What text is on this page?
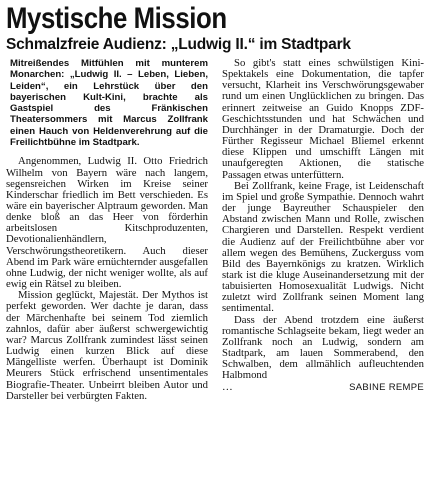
Mystische Mission
Schmalzfreie Audienz: „Ludwig II.“ im Stadtpark

Mitreißendes Mitfühlen mit munterem Monarchen: „Ludwig II. – Leben, Lieben, Leiden“, ein Lehrstück über den bayerischen Kult-Kini, brachte als Gastspiel des Fränkischen Theatersommers mit Marcus Zollfrank einen Hauch von Heldenverehrung auf die Freilichtbühne im Stadtpark.

Angenommen, Ludwig II. Otto Friedrich Wilhelm von Bayern wäre nach langem, segensreichen Wirken im Kreise seiner Kinderschar friedlich im Bett verschieden. Es wäre ein bayerischer Alptraum geworden. Man denke bloß an das Heer von förderhin arbeitslosen Kitschproduzenten, Devotionalienhändlern, Verschwörungstheoretikern. Auch dieser Abend im Park wäre ernüchternder ausgefallen ohne Ludwig, der nicht weniger wollte, als auf ewig ein Rätsel zu bleiben.

Mission geglückt, Majestät. Der Mythos ist perfekt geworden. Wer dachte je daran, dass der Märchenhafte bei seinem Tod ziemlich zahnlos, dafür aber äußerst schwergewichtig war? Marcus Zollfrank zumindest lässt seinen Ludwig einen kurzen Blick auf diese Mängelliste werfen. Überhaupt ist Dominik Meurers Stück erfrischend unsentimentales Biografie-Theater. Unbeirrt bleiben Autor und Darsteller bei verbürgten Fakten.

So gibt's statt eines schwülstigen Kini-Spektakels eine Dokumentation, die tapfer versucht, Klarheit ins Verschwörungsgewaber rund um einen Unglücklichen zu bringen. Das erinnert zeitweise an Guido Knopps ZDF-Geschichtsstunden und hat Schwächen und Durchhänger in der Dramaturgie. Doch der Fürther Regisseur Michael Bliemel erkennt diese Klippen und umschifft Längen mit unaufgeregten Aktionen, die statische Passagen etwas unterfüttern.

Bei Zollfrank, keine Frage, ist Leidenschaft im Spiel und große Sympathie. Dennoch wahrt der junge Bayreuther Schauspieler den Abstand zwischen Mann und Rolle, zwischen Chargieren und Darstellen. Respekt verdient die Audienz auf der Freilichtbühne aber vor allem wegen des Bemühens, Zuckerguss vom Bild des Bayernkönigs zu kratzen. Wirklich stark ist die kluge Auseinandersetzung mit der tabuisierten Homosexualität Ludwigs. Nicht zuletzt wird Zollfrank seinen Moment lang sentimental.

Dass der Abend trotzdem eine äußerst romantische Schlagseite bekam, liegt weder an Zollfrank noch an Ludwig, sondern am Stadtpark, am lauen Sommerabend, den Schwalben, dem allmählich aufleuchtenden Halbmond

…	SABINE REMPE
